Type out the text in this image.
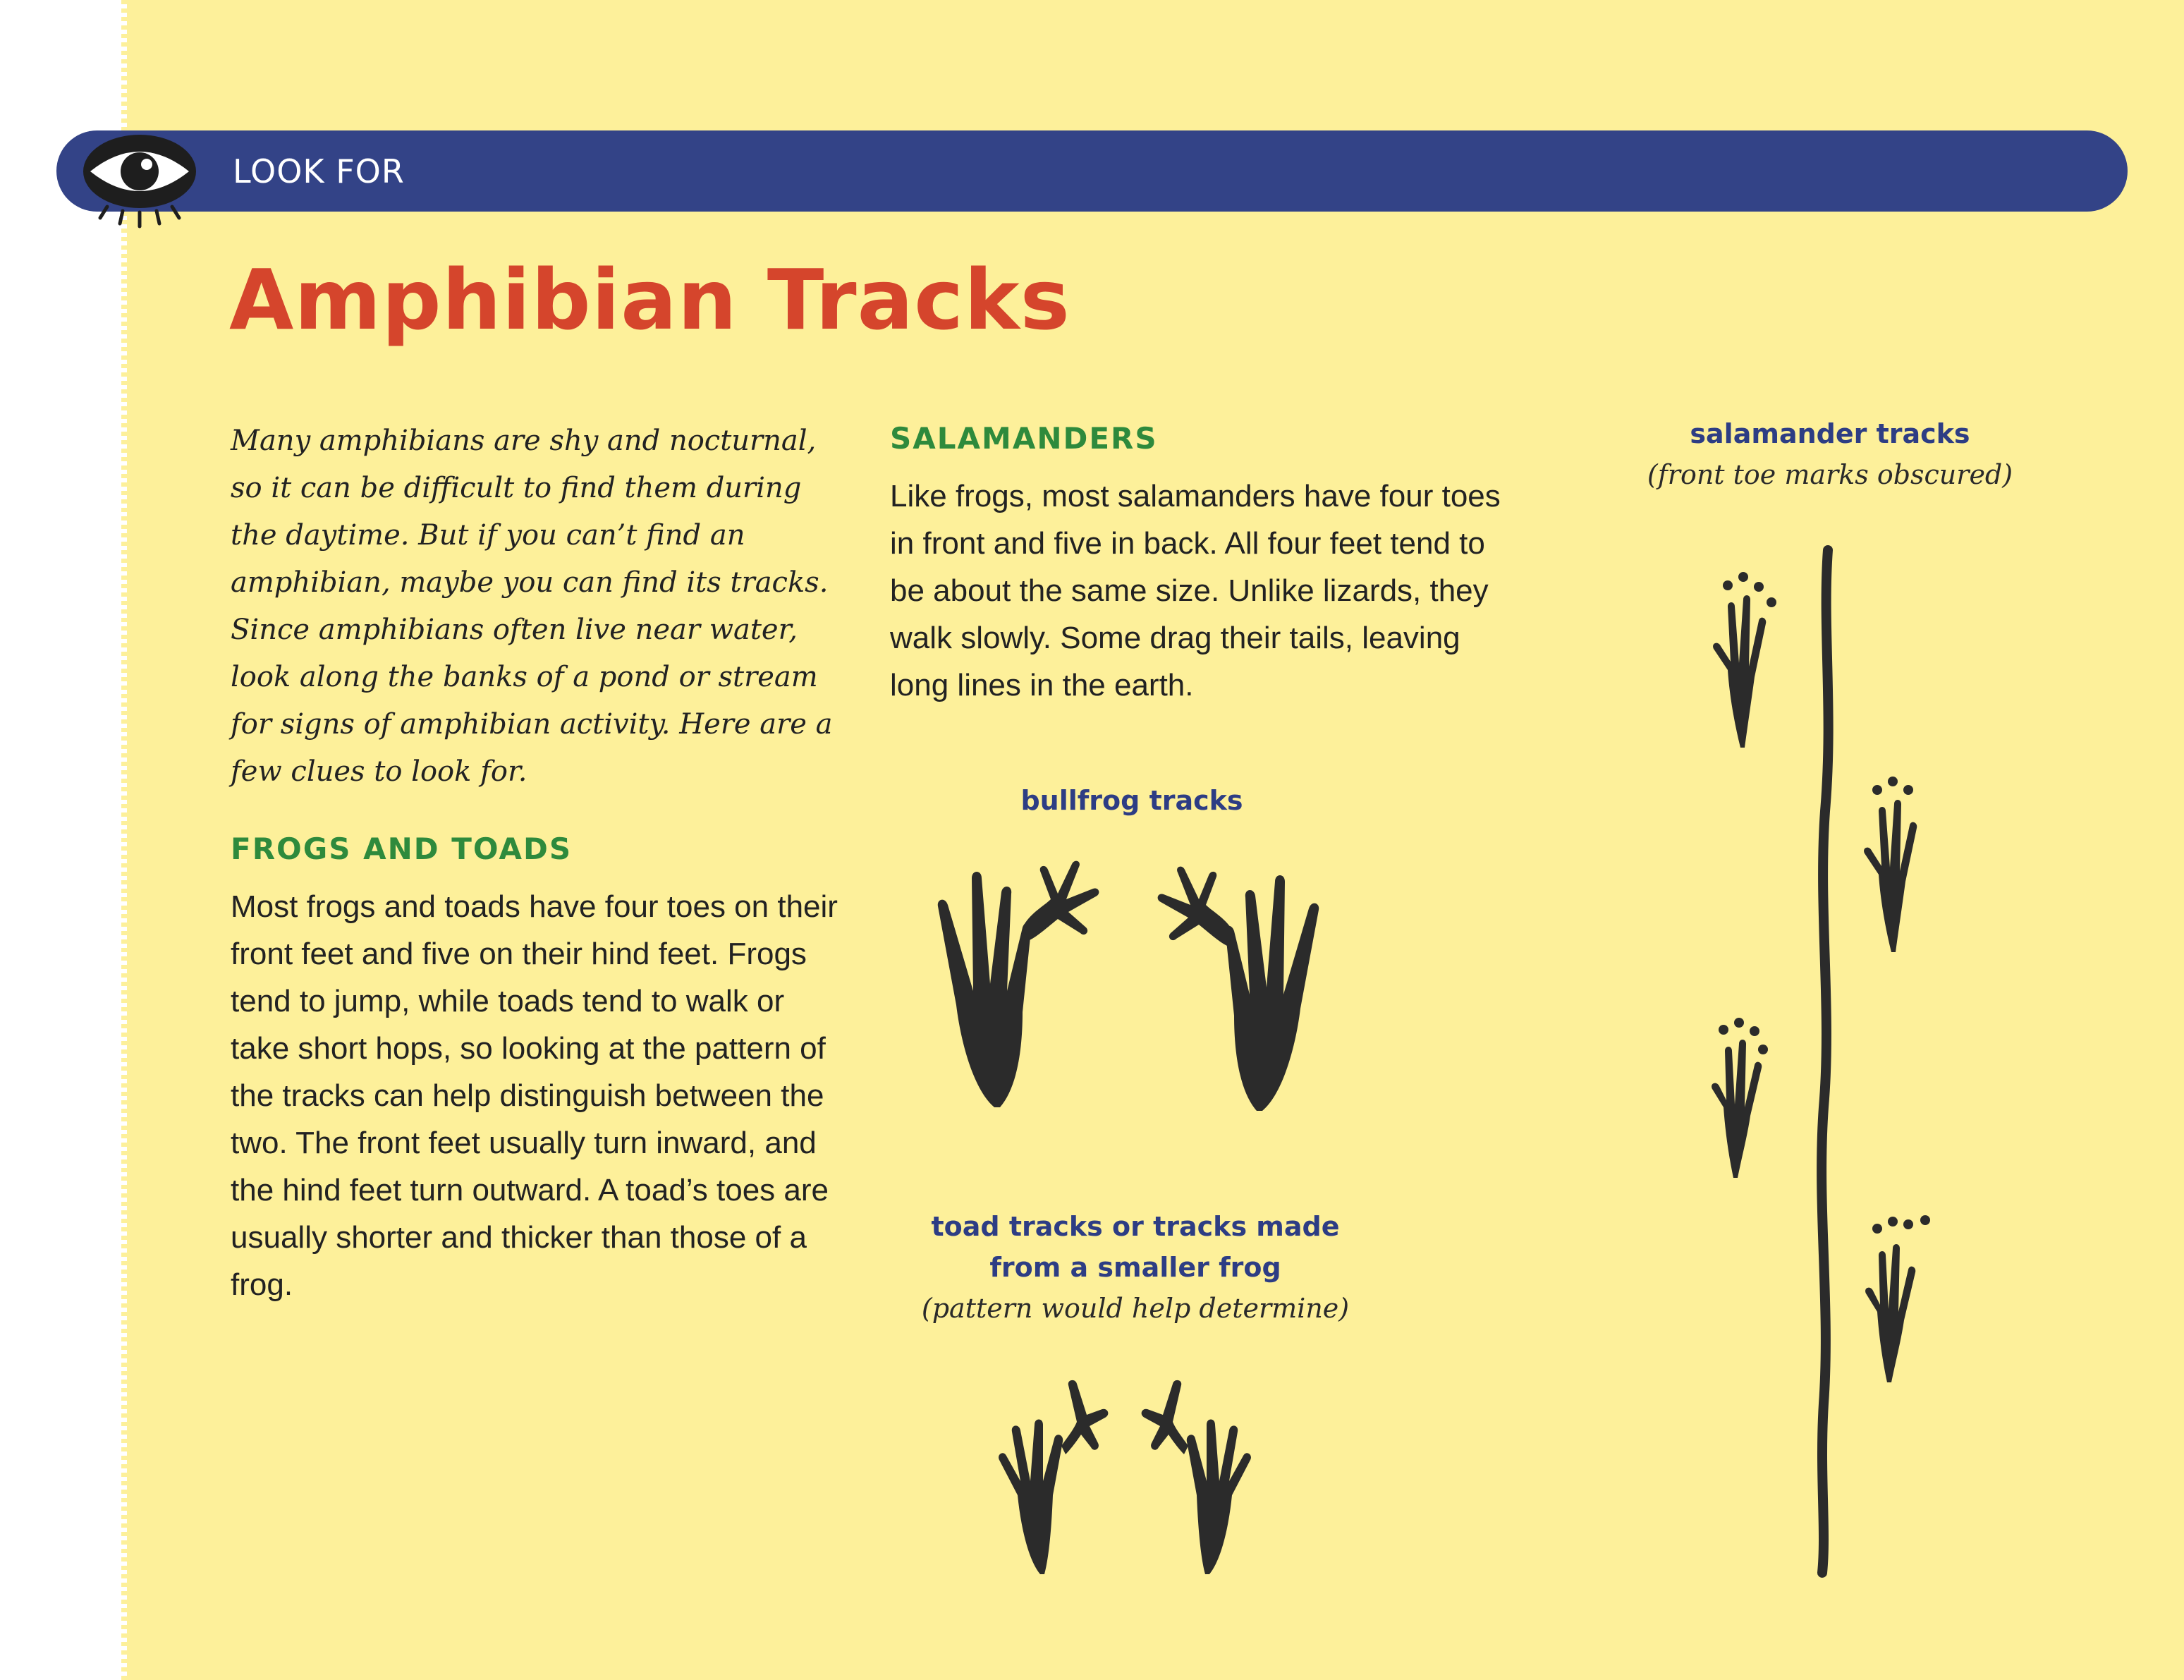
LOOK FOR
Amphibian Tracks

Many amphibians are shy and nocturnal, so it can be difficult to find them during the daytime. But if you can’t find an amphibian, maybe you can find its tracks. Since amphibians often live near water, look along the banks of a pond or stream for signs of amphibian activity. Here are a few clues to look for.

FROGS AND TOADS

Most frogs and toads have four toes on their front feet and five on their hind feet. Frogs tend to jump, while toads tend to walk or take short hops, so looking at the pattern of the tracks can help distinguish between the two. The front feet usually turn inward, and the hind feet turn outward. A toad’s toes are usually shorter and thicker than those of a frog.

SALAMANDERS

Like frogs, most salamanders have four toes in front and five in back. All four feet tend to be about the same size. Unlike lizards, they walk slowly. Some drag their tails, leaving long lines in the earth.

bullfrog tracks
toad tracks or tracks made
from a smaller frog
(pattern would help determine)
salamander tracks
(front toe marks obscured)
